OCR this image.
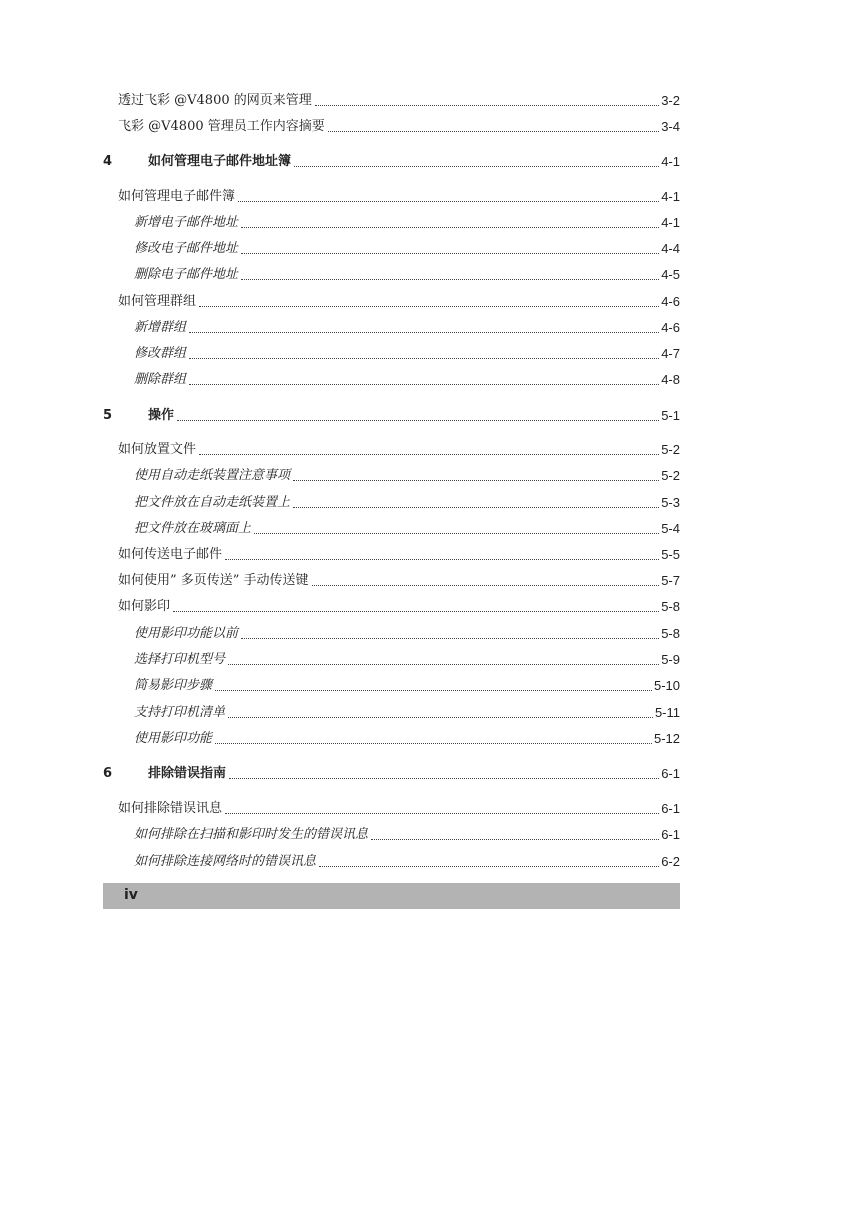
透过飞彩 @V4800 的网页来管理	3-2
飞彩 @V4800 管理员工作内容摘要	3-4
4	如何管理电子邮件地址簿	4-1
如何管理电子邮件簿	4-1
新增电子邮件地址	4-1
修改电子邮件地址	4-4
删除电子邮件地址	4-5
如何管理群组	4-6
新增群组	4-6
修改群组	4-7
删除群组	4-8
5	操作	5-1
如何放置文件	5-2
使用自动走纸装置注意事项	5-2
把文件放在自动走纸装置上	5-3
把文件放在玻璃面上	5-4
如何传送电子邮件	5-5
如何使用” 多页传送” 手动传送键	5-7
如何影印	5-8
使用影印功能以前	5-8
选择打印机型号	5-9
简易影印步骤	5-10
支持打印机清单	5-11
使用影印功能	5-12
6	排除错误指南	6-1
如何排除错误讯息	6-1
如何排除在扫描和影印时发生的错误讯息	6-1
如何排除连接网络时的错误讯息	6-2
iv
